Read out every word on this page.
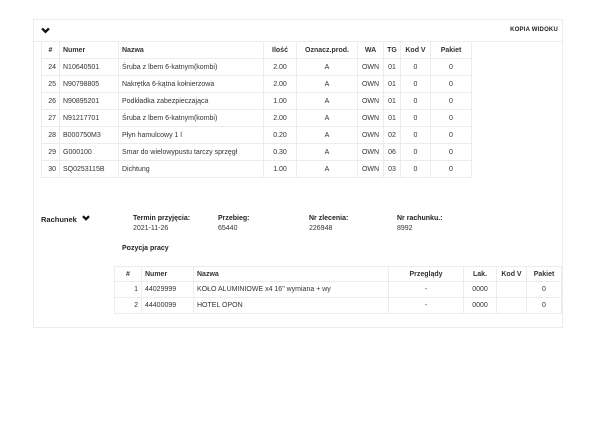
KOPIA WIDOKU
#	Numer	Nazwa	Ilość	Oznacz.prod.	WA	TG	Kod V	Pakiet
24	N10640501	Śruba z lbem 6-katnym(kombi)	2.00	A	OWN	01	0	0
25	N90798805	Nakrętka 6-kątna kołnierzowa	2.00	A	OWN	01	0	0
26	N90895201	Podkładka zabezpieczająca	1.00	A	OWN	01	0	0
27	N91217701	Śruba z lbem 6-katnym(kombi)	2.00	A	OWN	01	0	0
28	B000750M3	Płyn hamulcowy 1 l	0.20	A	OWN	02	0	0
29	G000100	Smar do wielowypustu tarczy sprzęgł	0.30	A	OWN	06	0	0
30	SQ0253115B	Dichtung	1.00	A	OWN	03	0	0
Rachunek	Termin przyjęcia:
2021-11-26
Przebieg:
65440
Nr zlecenia:
226948
Nr rachunku.:
8992
Pozycja pracy
#	Numer	Nazwa	Przeglądy	Lak.	Kod V	Pakiet
1	44029999	KOŁO ALUMINIOWE x4 16" wymiana + wy	-	0000		0
2	44400099	HOTEL OPON	-	0000		0
